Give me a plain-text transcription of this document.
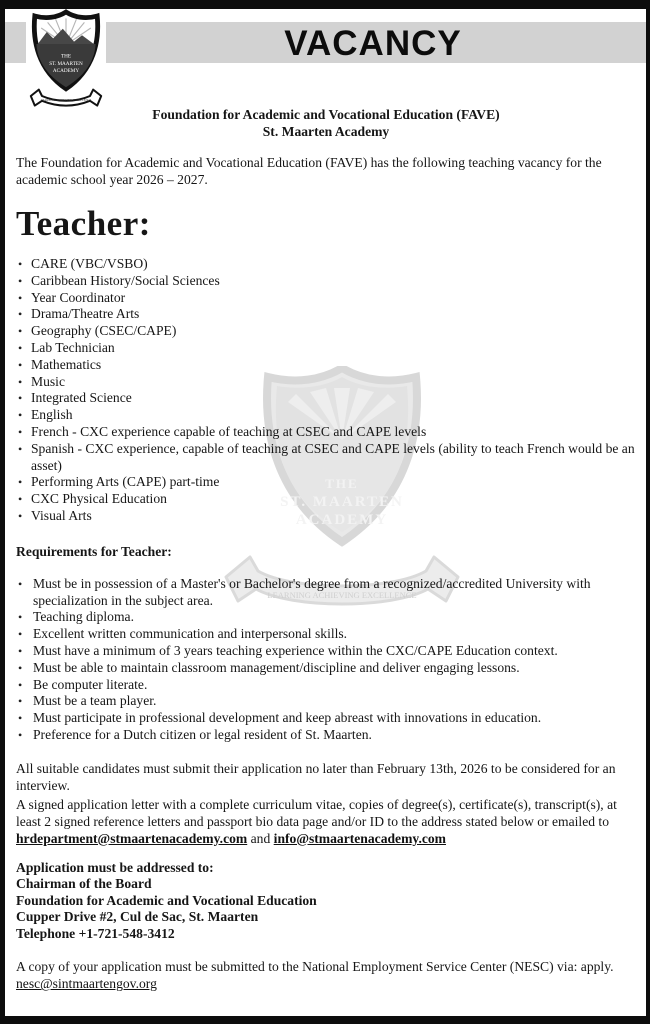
VACANCY
THE
ST. MAARTEN
ACADEMY
LEARNING ACHIEVING EXCELLENCE
THE
ST. MAARTEN
ACADEMY
LEARNING ACHIEVING EXCELLENCE
Foundation for Academic and Vocational Education (FAVE)
St. Maarten Academy

The Foundation for Academic and Vocational Education (FAVE) has the following teaching vacancy for the academic school year 2026 – 2027.

Teacher:
• CARE (VBC/VSBO)
• Caribbean History/Social Sciences
• Year Coordinator
• Drama/Theatre Arts
• Geography (CSEC/CAPE)
• Lab Technician
• Mathematics
• Music
• Integrated Science
• English
• French - CXC experience capable of teaching at CSEC and CAPE levels
• Spanish - CXC experience, capable of teaching at CSEC and CAPE levels (ability to teach French would be an asset)
• Performing Arts (CAPE) part-time
• CXC Physical Education
• Visual Arts
Requirements for Teacher:
• Must be in possession of a Master's or Bachelor's degree from a recognized/accredited University with specialization in the subject area.
• Teaching diploma.
• Excellent written communication and interpersonal skills.
• Must have a minimum of 3 years teaching experience within the CXC/CAPE Education context.
• Must be able to maintain classroom management/discipline and deliver engaging lessons.
• Be computer literate.
• Must be a team player.
• Must participate in professional development and keep abreast with innovations in education.
• Preference for a Dutch citizen or legal resident of St. Maarten.

All suitable candidates must submit their application no later than February 13th, 2026 to be considered for an interview.

A signed application letter with a complete curriculum vitae, copies of degree(s), certificate(s), transcript(s), at least 2 signed reference letters and passport bio data page and/or ID to the address stated below or emailed to hrdepartment@stmaartenacademy.com and info@stmaartenacademy.com

Application must be addressed to:
Chairman of the Board
Foundation for Academic and Vocational Education
Cupper Drive #2, Cul de Sac, St. Maarten
Telephone +1-721-548-3412

A copy of your application must be submitted to the National Employment Service Center (NESC) via: apply.
nesc@sintmaartengov.org
